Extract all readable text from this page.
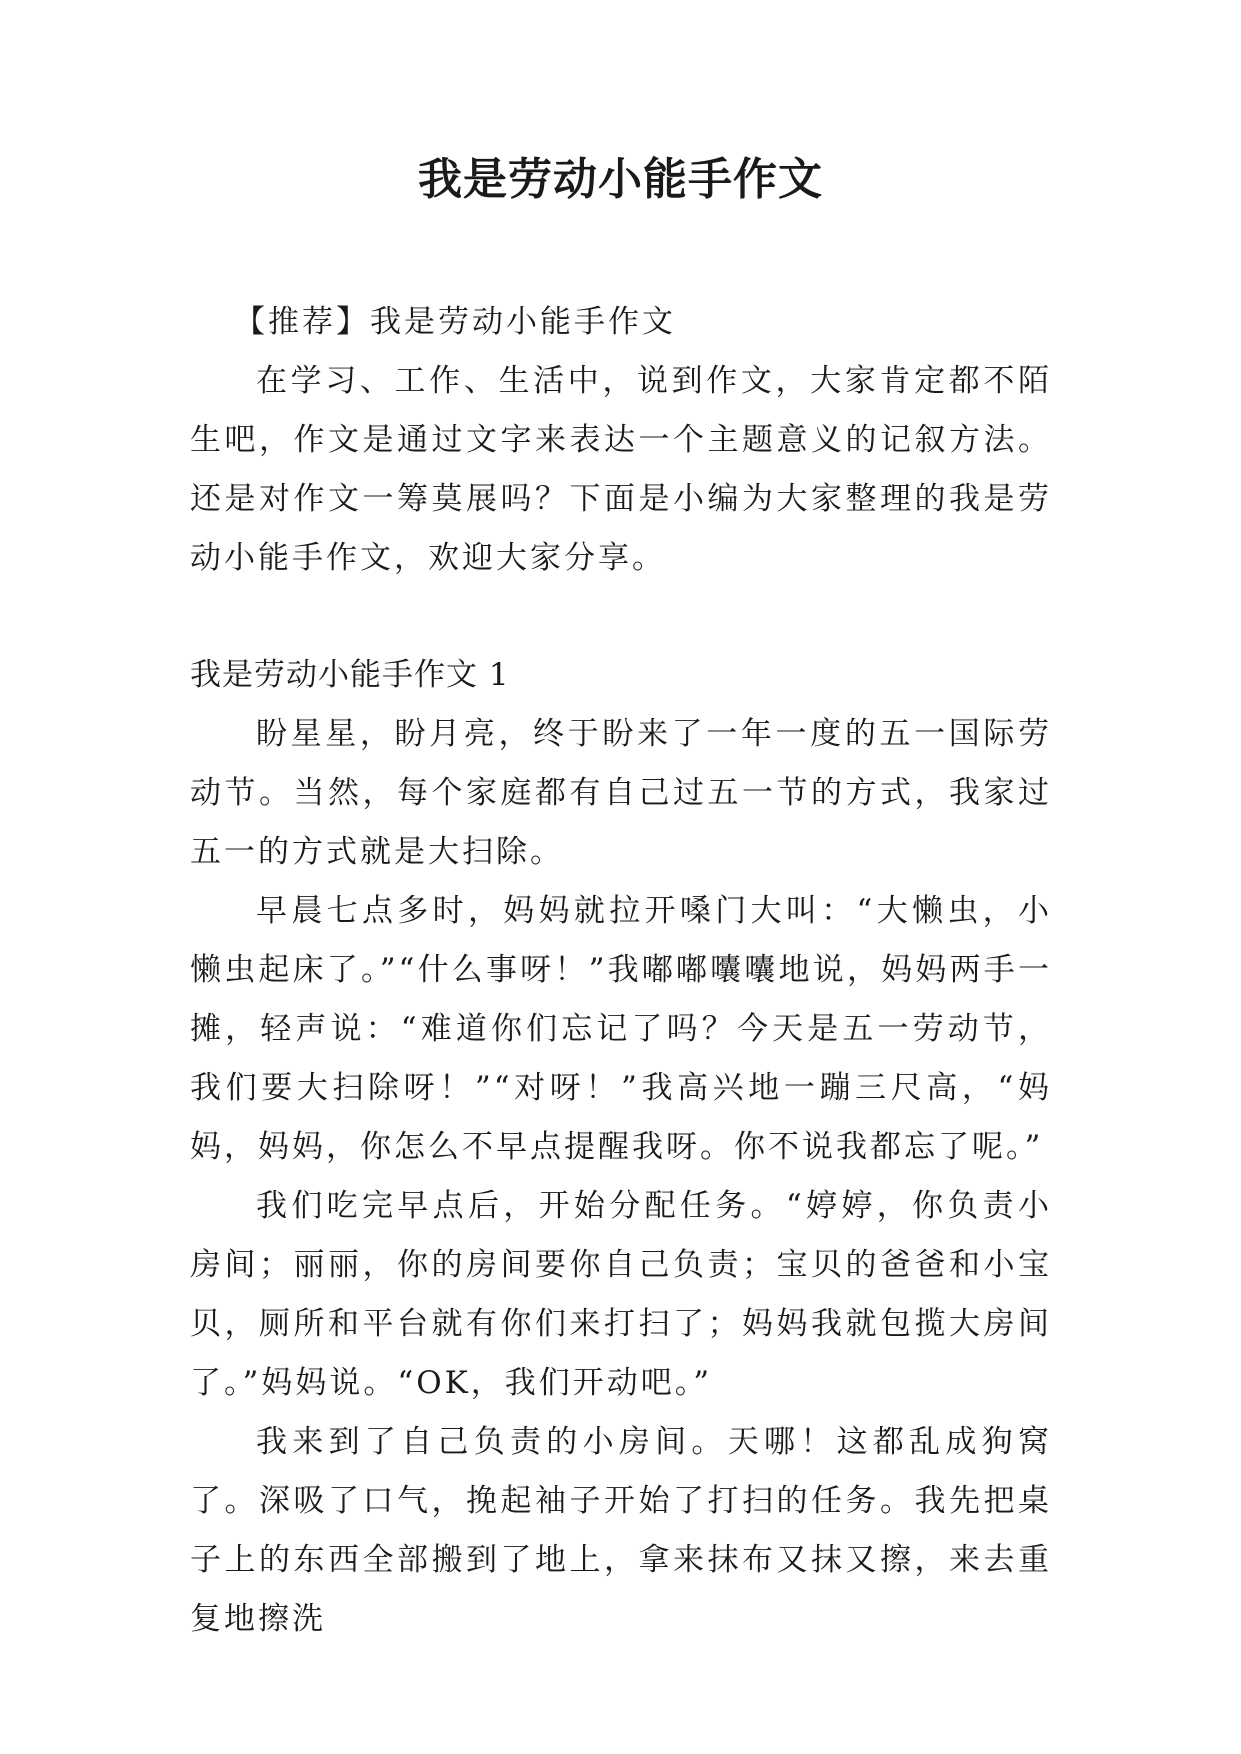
我是劳动小能手作文

【推荐】我是劳动小能手作文

在学习、工作、生活中，说到作文，大家肯定都不陌生吧，作文是通过文字来表达一个主题意义的记叙方法。还是对作文一筹莫展吗？下面是小编为大家整理的我是劳动小能手作文，欢迎大家分享。

我是劳动小能手作文 1

盼星星，盼月亮，终于盼来了一年一度的五一国际劳动节。当然，每个家庭都有自己过五一节的方式，我家过五一的方式就是大扫除。

早晨七点多时，妈妈就拉开嗓门大叫：“大懒虫，小懒虫起床了。”“什么事呀！”我嘟嘟囔囔地说，妈妈两手一摊，轻声说：“难道你们忘记了吗？今天是五一劳动节，我们要大扫除呀！”“对呀！”我高兴地一蹦三尺高，“妈妈，妈妈，你怎么不早点提醒我呀。你不说我都忘了呢。”

我们吃完早点后，开始分配任务。“婷婷，你负责小房间；丽丽，你的房间要你自己负责；宝贝的爸爸和小宝贝，厕所和平台就有你们来打扫了；妈妈我就包揽大房间了。”妈妈说。“OK，我们开动吧。”

我来到了自己负责的小房间。天哪！这都乱成狗窝了。深吸了口气，挽起袖子开始了打扫的任务。我先把桌子上的东西全部搬到了地上，拿来抹布又抹又擦，来去重复地擦洗
